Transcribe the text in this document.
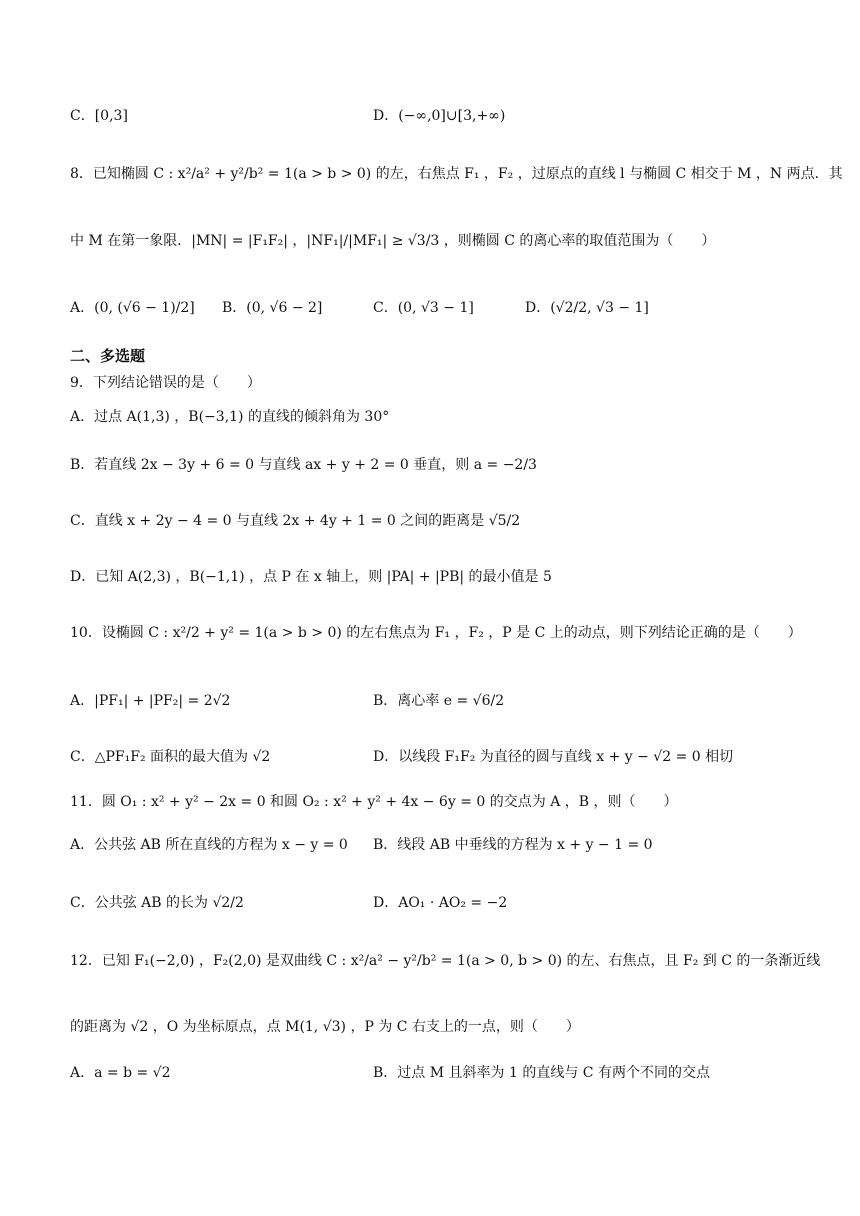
C．[0,3]	D．(−∞,0]∪[3,+∞)
8．已知椭圆 C : x²/a² + y²/b² = 1(a > b > 0) 的左，右焦点 F₁ ，F₂ ，过原点的直线 l 与椭圆 C 相交于 M ，N 两点．其
中 M 在第一象限．|MN| = |F₁F₂| ，|NF₁|/|MF₁| ≥ √3/3 ，则椭圆 C 的离心率的取值范围为（　　）
A．(0, (√6 − 1)/2] B．(0, √6 − 2]	C．(0, √3 − 1]	D．(√2/2, √3 − 1]
二、多选题
9．下列结论错误的是（　　）
A．过点 A(1,3) ，B(−3,1) 的直线的倾斜角为 30°
B．若直线 2x − 3y + 6 = 0 与直线 ax + y + 2 = 0 垂直，则 a = −2/3
C．直线 x + 2y − 4 = 0 与直线 2x + 4y + 1 = 0 之间的距离是 √5/2
D．已知 A(2,3) ，B(−1,1) ，点 P 在 x 轴上，则 |PA| + |PB| 的最小值是 5
10．设椭圆 C : x²/2 + y² = 1(a > b > 0) 的左右焦点为 F₁ ，F₂ ，P 是 C 上的动点，则下列结论正确的是（　　）
A．|PF₁| + |PF₂| = 2√2	B．离心率 e = √6/2
C．△PF₁F₂ 面积的最大值为 √2	D．以线段 F₁F₂ 为直径的圆与直线 x + y − √2 = 0 相切
11．圆 O₁ : x² + y² − 2x = 0 和圆 O₂ : x² + y² + 4x − 6y = 0 的交点为 A ，B ，则（　　）
A．公共弦 AB 所在直线的方程为 x − y = 0 B．线段 AB 中垂线的方程为 x + y − 1 = 0
C．公共弦 AB 的长为 √2/2	D．AO₁ · AO₂ = −2
12．已知 F₁(−2,0) ，F₂(2,0) 是双曲线 C : x²/a² − y²/b² = 1(a > 0, b > 0) 的左、右焦点，且 F₂ 到 C 的一条渐近线
的距离为 √2 ，O 为坐标原点，点 M(1, √3) ，P 为 C 右支上的一点，则（　　）
A．a = b = √2	B．过点 M 且斜率为 1 的直线与 C 有两个不同的交点
